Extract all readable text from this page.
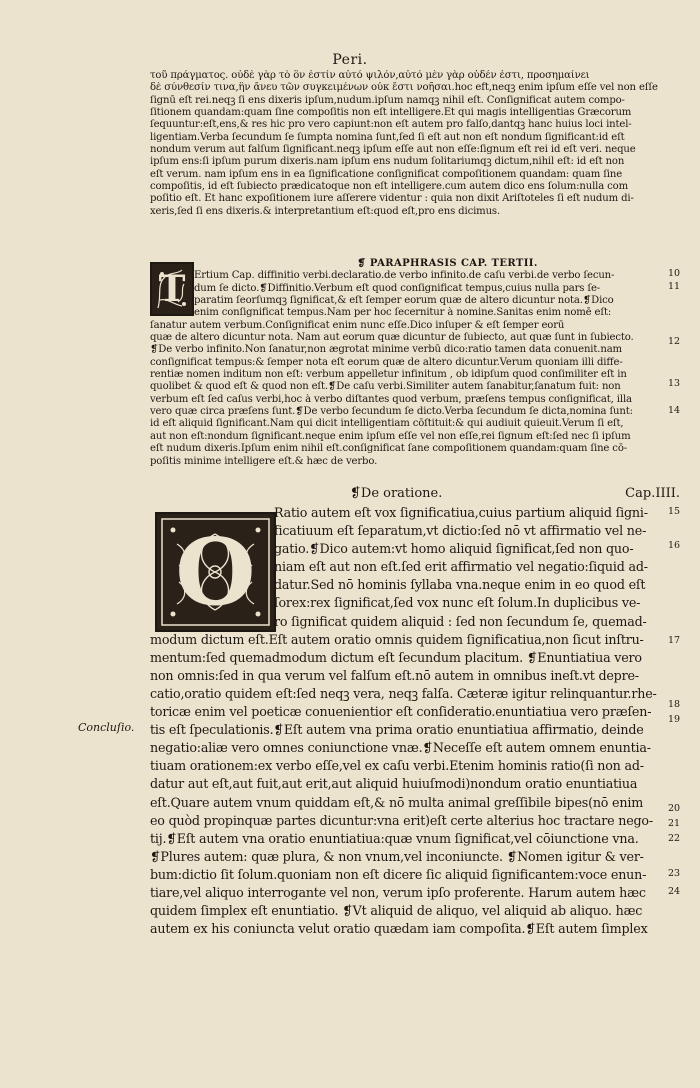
Peri.
τοῦ πράγματος. οὐδὲ γὰρ τὸ ὂν ἐστίν αὐτό ψιλόν,αὐτό μὲν γὰρ οὐδέν ἐστι, προσημαίνει
δὲ σύνθεσίν τινα,ἣν ἄνευ τῶν συγκειμένων οὐκ ἔστι νοῆσαι.hoc eft,neqꝫ enim ipſum eſſe vel non eſſe
ſignū eſt rei.neqꝫ ſi ens dixeris ipſum,nudum.ipſum namqꝫ nihil eſt. Conſignificat autem compo-
ſitionem quandam:quam ſine compoſitis non eſt intelligere.Et qui magis intelligentias Græcorum
ſequuntur:eſt,ens,& res hic pro vero capiunt:non eſt autem pro falſo,dantqꝫ hanc huius loci intel-
ligentiam.Verba ſecundum ſe ſumpta nomina ſunt,ſed ſi eſt aut non eſt nondum ſignificant:id eſt
nondum verum aut falſum ſignificant.neqꝫ ipſum eſſe aut non eſſe:ſignum eſt rei id eſt veri. neque
ipſum ens:ſi ipſum purum dixeris.nam ipſum ens nudum ſolitariumqꝫ dictum,nihil eſt: id eſt non
eſt verum. nam ipſum ens in ea ſignificatione conſignificat compoſitionem quandam: quam ſine
compoſitis, id eſt ſubiecto prædicatoque non eſt intelligere.cum autem dico ens ſolum:nulla com
poſitio eſt. Et hanc expoſitionem iure aſſerere videntur : quia non dixit Ariſtoteles ſi eſt nudum di-
xeris,ſed ſi ens dixeris.& interpretantium eſt:quod eſt,pro ens dicimus.
T
❡ PARAPHRASIS CAP. TERTII.
Ertium Cap. diffinitio verbi.declaratio.de verbo infinito.de caſu verbi.de verbo ſecun-
dum ſe dicto.❡Diffinitio.Verbum eſt quod conſignificat tempus,cuius nulla pars ſe-
paratim ſeorſumqꝫ ſignificat,& eſt ſemper eorum quæ de altero dicuntur nota.❡Dico
enim conſignificat tempus.Nam per hoc ſecernitur à nomine.Sanitas enim nomē eſt:
ſanatur autem verbum.Conſignificat enim nunc eſſe.Dico inſuper & eſt ſemper eorū
quæ de altero dicuntur nota. Nam aut eorum quæ dicuntur de ſubiecto, aut quæ ſunt in ſubiecto.
❡De verbo infinito.Non ſanatur,non ægrotat minime verbū dico:ratio tamen data conuenit.nam
conſignificat tempus:& ſemper nota eſt eorum quæ de altero dicuntur.Verum quoniam illi diffe-
rentiæ nomen inditum non eſt: verbum appelletur infinitum , ob idipſum quod conſimiliter eſt in
quolibet & quod eſt & quod non eſt.❡De caſu verbi.Similiter autem ſanabitur,ſanatum fuit: non
verbum eſt ſed caſus verbi,hoc à verbo diſtantes quod verbum, præſens tempus conſignificat, illa
vero quæ circa præſens ſunt.❡De verbo ſecundum ſe dicto.Verba ſecundum ſe dicta,nomina ſunt:
id eſt aliquid ſignificant.Nam qui dicit intelligentiam cōſtituit:& qui audiuit quieuit.Verum ſi eſt,
aut non eſt:nondum ſignificant.neque enim ipſum eſſe vel non eſſe,rei ſignum eſt:ſed nec ſi ipſum
eſt nudum dixeris.Ipſum enim nihil eſt.conſignificat ſane compoſitionem quandam:quam ſine cō-
poſitis minime intelligere eſt.& hæc de verbo.
❡De oratione.	Cap.IIII.
O
Ratio autem eſt vox ſignificatiua,cuius partium aliquid ſigni-
ficatiuum eſt ſeparatum,vt dictio:ſed nō vt affirmatio vel ne-
gatio.❡Dico autem:vt homo aliquid ſignificat,ſed non quo-
niam eſt aut non eſt.ſed erit affirmatio vel negatio:ſiquid ad-
datur.Sed nō hominis ſyllaba vna.neque enim in eo quod eſt
ſorex:rex ſignificat,ſed vox nunc eſt ſolum.In duplicibus ve-
ro ſignificat quidem aliquid : ſed non ſecundum ſe, quemad-
modum dictum eſt.Eſt autem oratio omnis quidem ſignificatiua,non ſicut inſtru-
mentum:ſed quemadmodum dictum eſt ſecundum placitum. ❡Enuntiatiua vero
non omnis:ſed in qua verum vel falſum eſt.nō autem in omnibus ineſt.vt depre-
catio,oratio quidem eſt:ſed neqꝫ vera, neqꝫ falſa. Cæteræ igitur relinquantur.rhe-
toricæ enim vel poeticæ conuenientior eſt conſideratio.enuntiatiua vero præſen-
tis eſt ſpeculationis.❡Eſt autem vna prima oratio enuntiatiua affirmatio, deinde
negatio:aliæ vero omnes coniunctione vnæ.❡Neceſſe eſt autem omnem enuntia-
tiuam orationem:ex verbo eſſe,vel ex caſu verbi.Etenim hominis ratio(ſi non ad-
datur aut eſt,aut fuit,aut erit,aut aliquid huiuſmodi)nondum oratio enuntiatiua
eſt.Quare autem vnum quiddam eſt,& nō multa animal greſſibile bipes(nō enim
eo quòd propinquæ partes dicuntur:vna erit)eſt certe alterius hoc tractare nego-
tij.❡Eſt autem vna oratio enuntiatiua:quæ vnum ſignificat,vel cōiunctione vna.
❡Plures autem: quæ plura, & non vnum,vel inconiuncte. ❡Nomen igitur & ver-
bum:dictio ſit ſolum.quoniam non eſt dicere ſic aliquid ſignificantem:voce enun-
tiare,vel aliquo interrogante vel non, verum ipſo proferente. Harum autem hæc
quidem ſimplex eſt enuntiatio. ❡Vt aliquid de aliquo, vel aliquid ab aliquo. hæc
autem ex his coniuncta velut oratio quædam iam compoſita.❡Eſt autem ſimplex
Concluſio.
10
11
12
13
14
15
16
17
18
19
20
21
22
23
24
